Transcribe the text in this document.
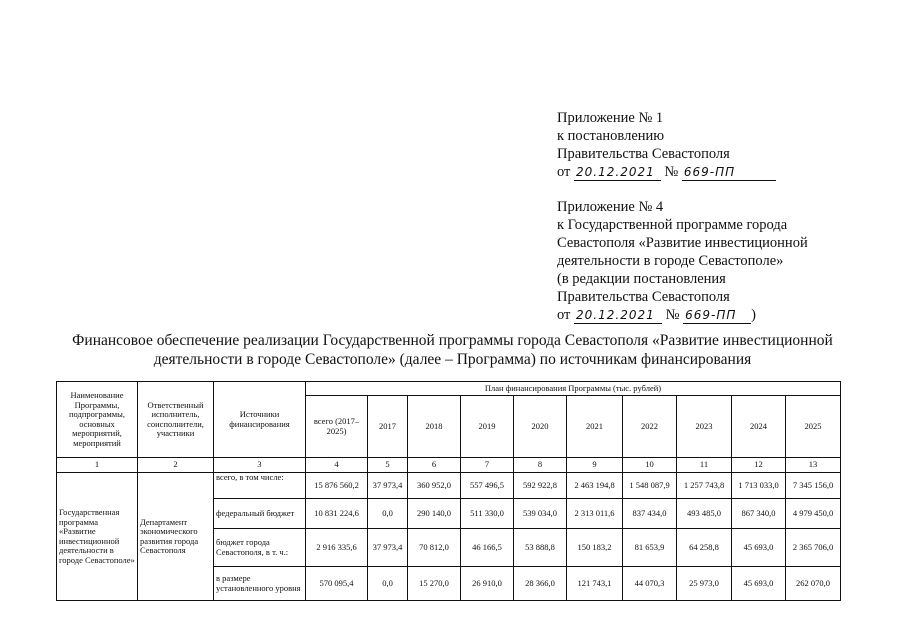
Приложение № 1
к постановлению
Правительства Севастополя
от 20.12.2021 № 669-ПП
Приложение № 4
к Государственной программе города
Севастополя «Развитие инвестиционной
деятельности в городе Севастополе»
(в редакции постановления
Правительства Севастополя
от 20.12.2021 № 669-ПП )
Финансовое обеспечение реализации Государственной программы города Севастополя «Развитие инвестиционной
деятельности в городе Севастополе» (далее – Программа) по источникам финансирования
Наименование Программы, подпрограммы, основных мероприятий, мероприятий	Ответственный исполнитель, соисполнители, участники	Источники финансирования	План финансирования Программы (тыс. рублей)									
			всего (2017–2025)	2017	2018	2019	2020	2021	2022	2023	2024	2025
1	2	3	4	5	6	7	8	9	10	11	12	13
Государственная программа «Развитие инвестиционной деятельности в городе Севастополе»	Департамент экономического развития города Севастополя	всего, в том числе:	15 876 560,2	37 973,4	360 952,0	557 496,5	592 922,8	2 463 194,8	1 548 087,9	1 257 743,8	1 713 033,0	7 345 156,0
		федеральный бюджет	10 831 224,6	0,0	290 140,0	511 330,0	539 034,0	2 313 011,6	837 434,0	493 485,0	867 340,0	4 979 450,0
		бюджет города Севастополя, в т. ч.:	2 916 335,6	37 973,4	70 812,0	46 166,5	53 888,8	150 183,2	81 653,9	64 258,8	45 693,0	2 365 706,0
		в размере установленного уровня	570 095,4	0,0	15 270,0	26 910,0	28 366,0	121 743,1	44 070,3	25 973,0	45 693,0	262 070,0
